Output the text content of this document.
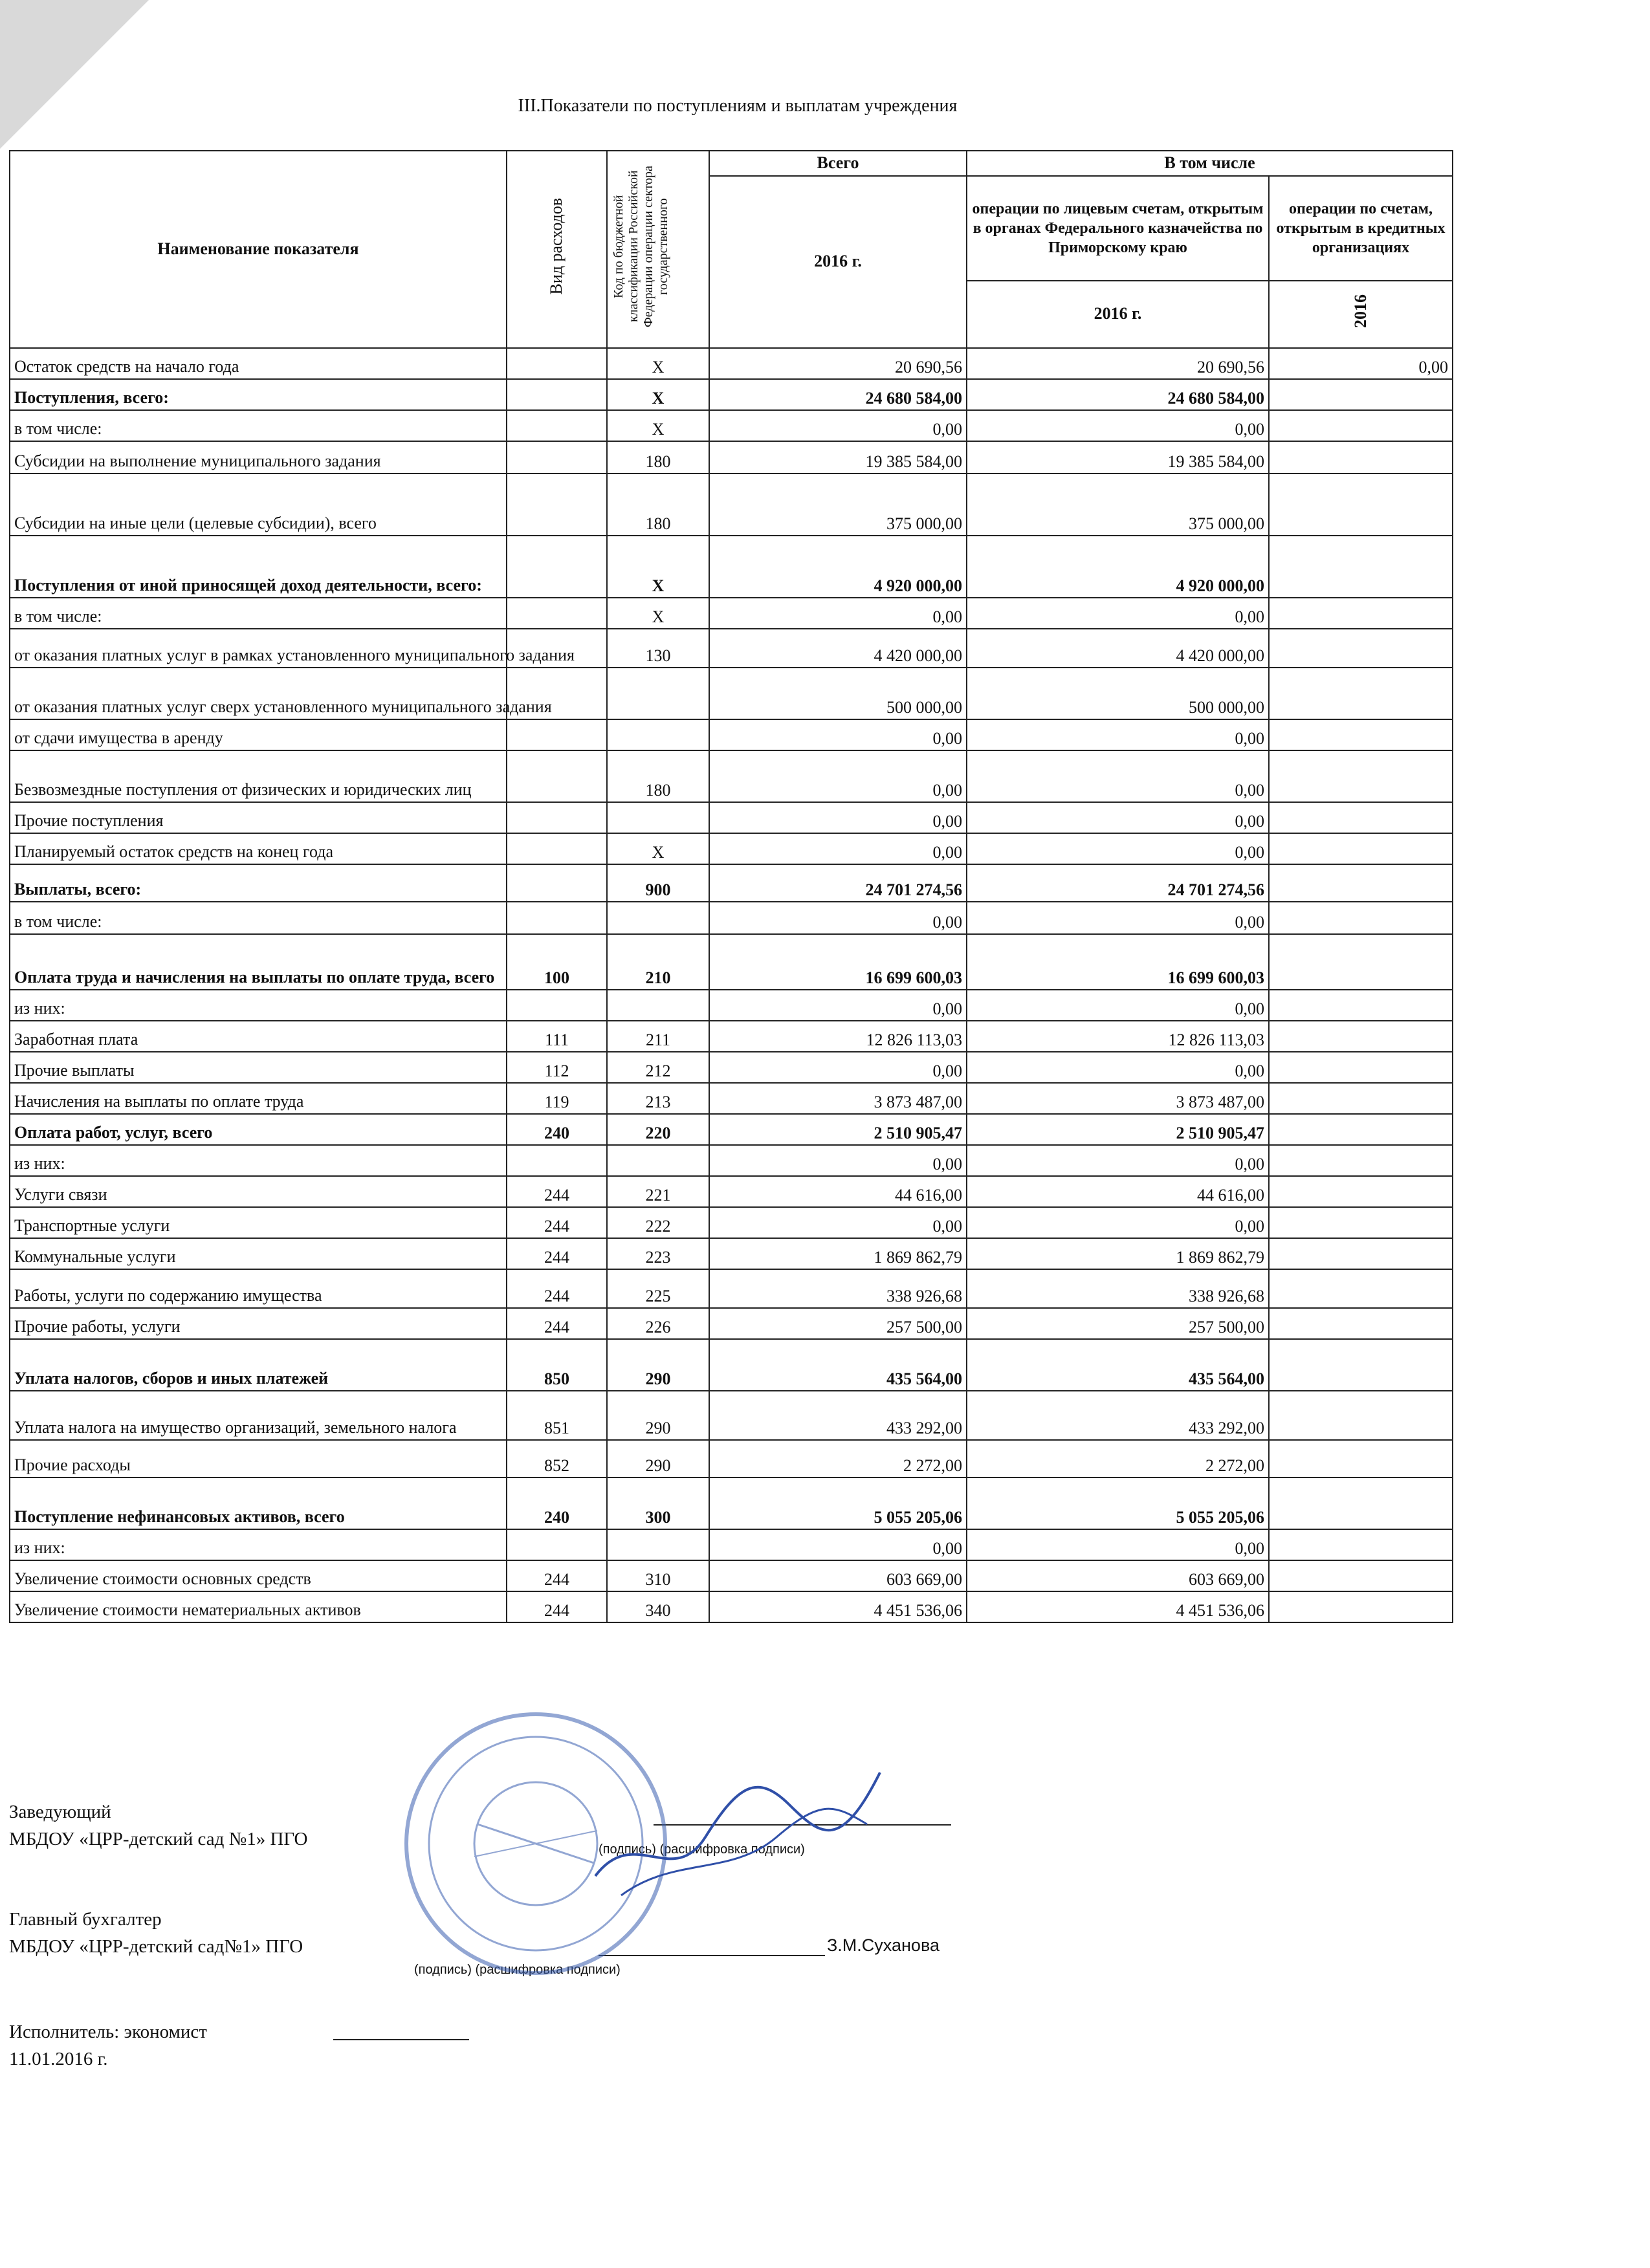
III.Показатели по поступлениям и выплатам учреждения
Наименование показателя	Вид расходов	Код по бюджетной классификации Российской Федерации операции сектора государственного	Всего	В том числе	
			2016 г.	операции по лицевым счетам, открытым в органах Федерального казначейства по Приморскому краю	операции по счетам, открытым в кредитных организациях
				2016 г.	2016
Остаток средств на начало года		Х	20 690,56	20 690,56	0,00
Поступления, всего:		Х	24 680 584,00	24 680 584,00	
в том числе:		Х	0,00	0,00	
Субсидии на выполнение муниципального задания		180	19 385 584,00	19 385 584,00	
Субсидии на иные цели (целевые субсидии), всего		180	375 000,00	375 000,00	
Поступления от иной приносящей доход деятельности, всего:		Х	4 920 000,00	4 920 000,00	
в том числе:		Х	0,00	0,00	
от оказания платных услуг в рамках установленного муниципального задания		130	4 420 000,00	4 420 000,00	
от оказания платных услуг сверх установленного муниципального задания			500 000,00	500 000,00	
от сдачи имущества в аренду			0,00	0,00	
Безвозмездные поступления от физических и юридических лиц		180	0,00	0,00	
Прочие поступления			0,00	0,00	
Планируемый остаток средств на конец года		Х	0,00	0,00	
Выплаты, всего:		900	24 701 274,56	24 701 274,56	
в том числе:			0,00	0,00	
Оплата труда и начисления на выплаты по оплате труда, всего	100	210	16 699 600,03	16 699 600,03	
из них:			0,00	0,00	
Заработная плата	111	211	12 826 113,03	12 826 113,03	
Прочие выплаты	112	212	0,00	0,00	
Начисления на выплаты по оплате труда	119	213	3 873 487,00	3 873 487,00	
Оплата работ, услуг, всего	240	220	2 510 905,47	2 510 905,47	
из них:			0,00	0,00	
Услуги связи	244	221	44 616,00	44 616,00	
Транспортные услуги	244	222	0,00	0,00	
Коммунальные услуги	244	223	1 869 862,79	1 869 862,79	
Работы, услуги по содержанию имущества	244	225	338 926,68	338 926,68	
Прочие работы, услуги	244	226	257 500,00	257 500,00	
Уплата налогов, сборов и иных платежей	850	290	435 564,00	435 564,00	
Уплата налога на имущество организаций, земельного налога	851	290	433 292,00	433 292,00	
Прочие расходы	852	290	2 272,00	2 272,00	
Поступление нефинансовых активов, всего	240	300	5 055 205,06	5 055 205,06	
из них:			0,00	0,00	
Увеличение стоимости основных средств	244	310	603 669,00	603 669,00	
Увеличение стоимости нематериальных активов	244	340	4 451 536,06	4 451 536,06	
Заведующий
МБДОУ «ЦРР-детский сад №1» ПГО	(подпись) (расшифровка подписи)
Главный бухгалтер
МБДОУ «ЦРР-детский сад№1» ПГО	З.М.Суханова
(подпись) (расшифровка подписи)
Исполнитель: экономист
11.01.2016 г.
